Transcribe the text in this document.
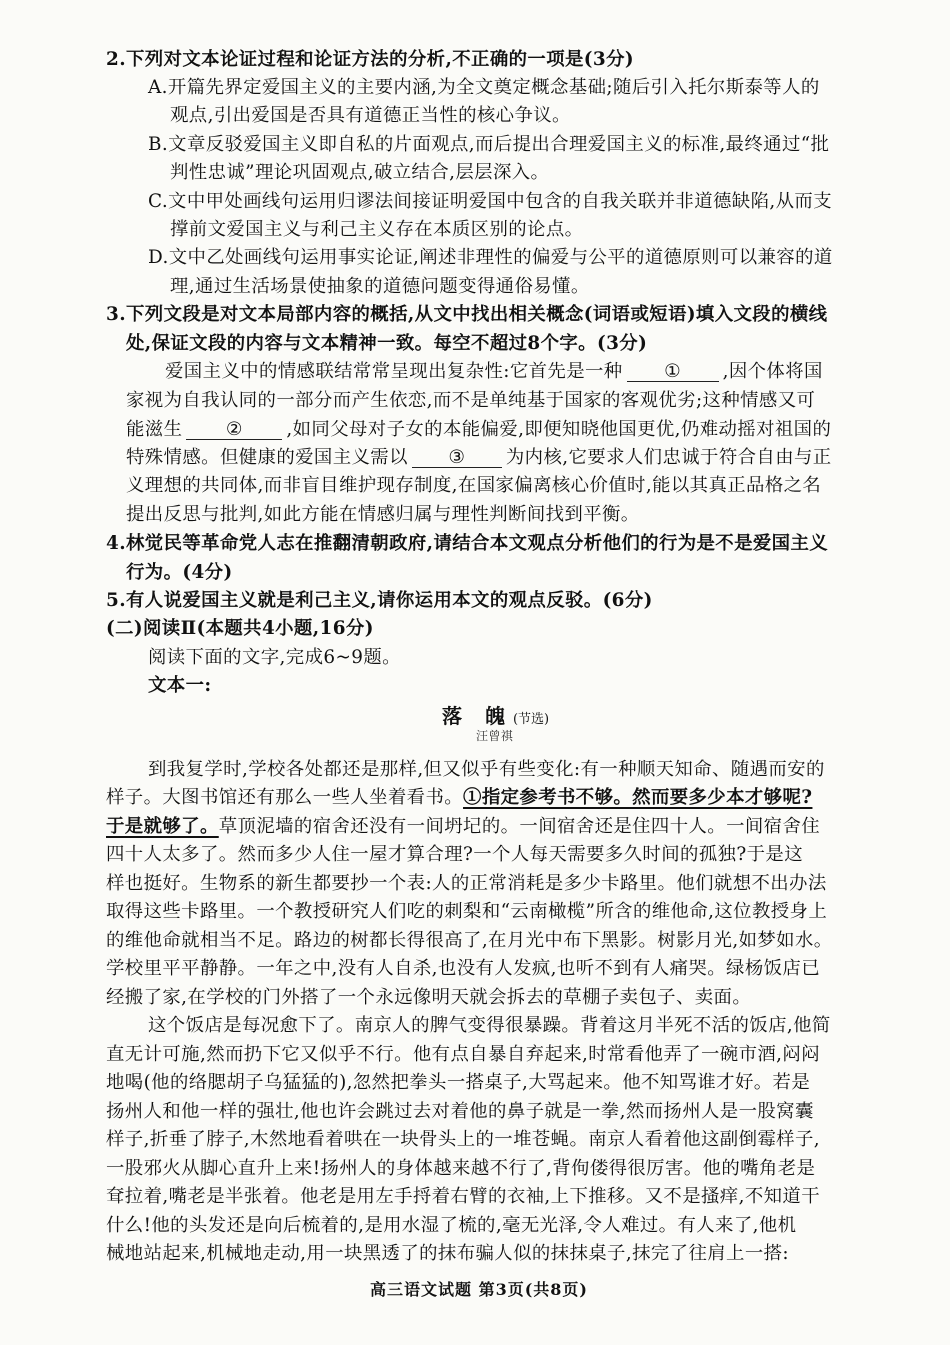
2.下列对文本论证过程和论证方法的分析,不正确的一项是(3分)
A.开篇先界定爱国主义的主要内涵,为全文奠定概念基础;随后引入托尔斯泰等人的
观点,引出爱国是否具有道德正当性的核心争议。
B.文章反驳爱国主义即自私的片面观点,而后提出合理爱国主义的标准,最终通过“批
判性忠诚”理论巩固观点,破立结合,层层深入。
C.文中甲处画线句运用归谬法间接证明爱国中包含的自我关联并非道德缺陷,从而支
撑前文爱国主义与利己主义存在本质区别的论点。
D.文中乙处画线句运用事实论证,阐述非理性的偏爱与公平的道德原则可以兼容的道
理,通过生活场景使抽象的道德问题变得通俗易懂。
3.下列文段是对文本局部内容的概括,从文中找出相关概念(词语或短语)填入文段的横线
处,保证文段的内容与文本精神一致。每空不超过8个字。(3分)
爱国主义中的情感联结常常呈现出复杂性:它首先是一种 ① ,因个体将国
家视为自我认同的一部分而产生依恋,而不是单纯基于国家的客观优劣;这种情感又可
能滋生 ② ,如同父母对子女的本能偏爱,即便知晓他国更优,仍难动摇对祖国的
特殊情感。但健康的爱国主义需以 ③ 为内核,它要求人们忠诚于符合自由与正
义理想的共同体,而非盲目维护现存制度,在国家偏离核心价值时,能以其真正品格之名
提出反思与批判,如此方能在情感归属与理性判断间找到平衡。
4.林觉民等革命党人志在推翻清朝政府,请结合本文观点分析他们的行为是不是爱国主义
行为。(4分)
5.有人说爱国主义就是利己主义,请你运用本文的观点反驳。(6分)
(二)阅读Ⅱ(本题共4小题,16分)
阅读下面的文字,完成6~9题。
文本一:
落 魄(节选)
汪曾祺
到我复学时,学校各处都还是那样,但又似乎有些变化:有一种顺天知命、随遇而安的
样子。大图书馆还有那么一些人坐着看书。①指定参考书不够。然而要多少本才够呢?
于是就够了。草顶泥墙的宿舍还没有一间坍圮的。一间宿舍还是住四十人。一间宿舍住
四十人太多了。然而多少人住一屋才算合理?一个人每天需要多久时间的孤独?于是这
样也挺好。生物系的新生都要抄一个表:人的正常消耗是多少卡路里。他们就想不出办法
取得这些卡路里。一个教授研究人们吃的刺梨和“云南橄榄”所含的维他命,这位教授身上
的维他命就相当不足。路边的树都长得很高了,在月光中布下黑影。树影月光,如梦如水。
学校里平平静静。一年之中,没有人自杀,也没有人发疯,也听不到有人痛哭。绿杨饭店已
经搬了家,在学校的门外搭了一个永远像明天就会拆去的草棚子卖包子、卖面。
这个饭店是每况愈下了。南京人的脾气变得很暴躁。背着这月半死不活的饭店,他简
直无计可施,然而扔下它又似乎不行。他有点自暴自弃起来,时常看他弄了一碗市酒,闷闷
地喝(他的络腮胡子乌猛猛的),忽然把拳头一搭桌子,大骂起来。他不知骂谁才好。若是
扬州人和他一样的强壮,他也许会跳过去对着他的鼻子就是一拳,然而扬州人是一股窝囊
样子,折垂了脖子,木然地看着哄在一块骨头上的一堆苍蝇。南京人看着他这副倒霉样子,
一股邪火从脚心直升上来!扬州人的身体越来越不行了,背佝偻得很厉害。他的嘴角老是
耷拉着,嘴老是半张着。他老是用左手捋着右臂的衣袖,上下推移。又不是搔痒,不知道干
什么!他的头发还是向后梳着的,是用水湿了梳的,毫无光泽,令人难过。有人来了,他机
械地站起来,机械地走动,用一块黑透了的抹布骗人似的抹抹桌子,抹完了往肩上一搭:
高三语文试题 第3页(共8页)
